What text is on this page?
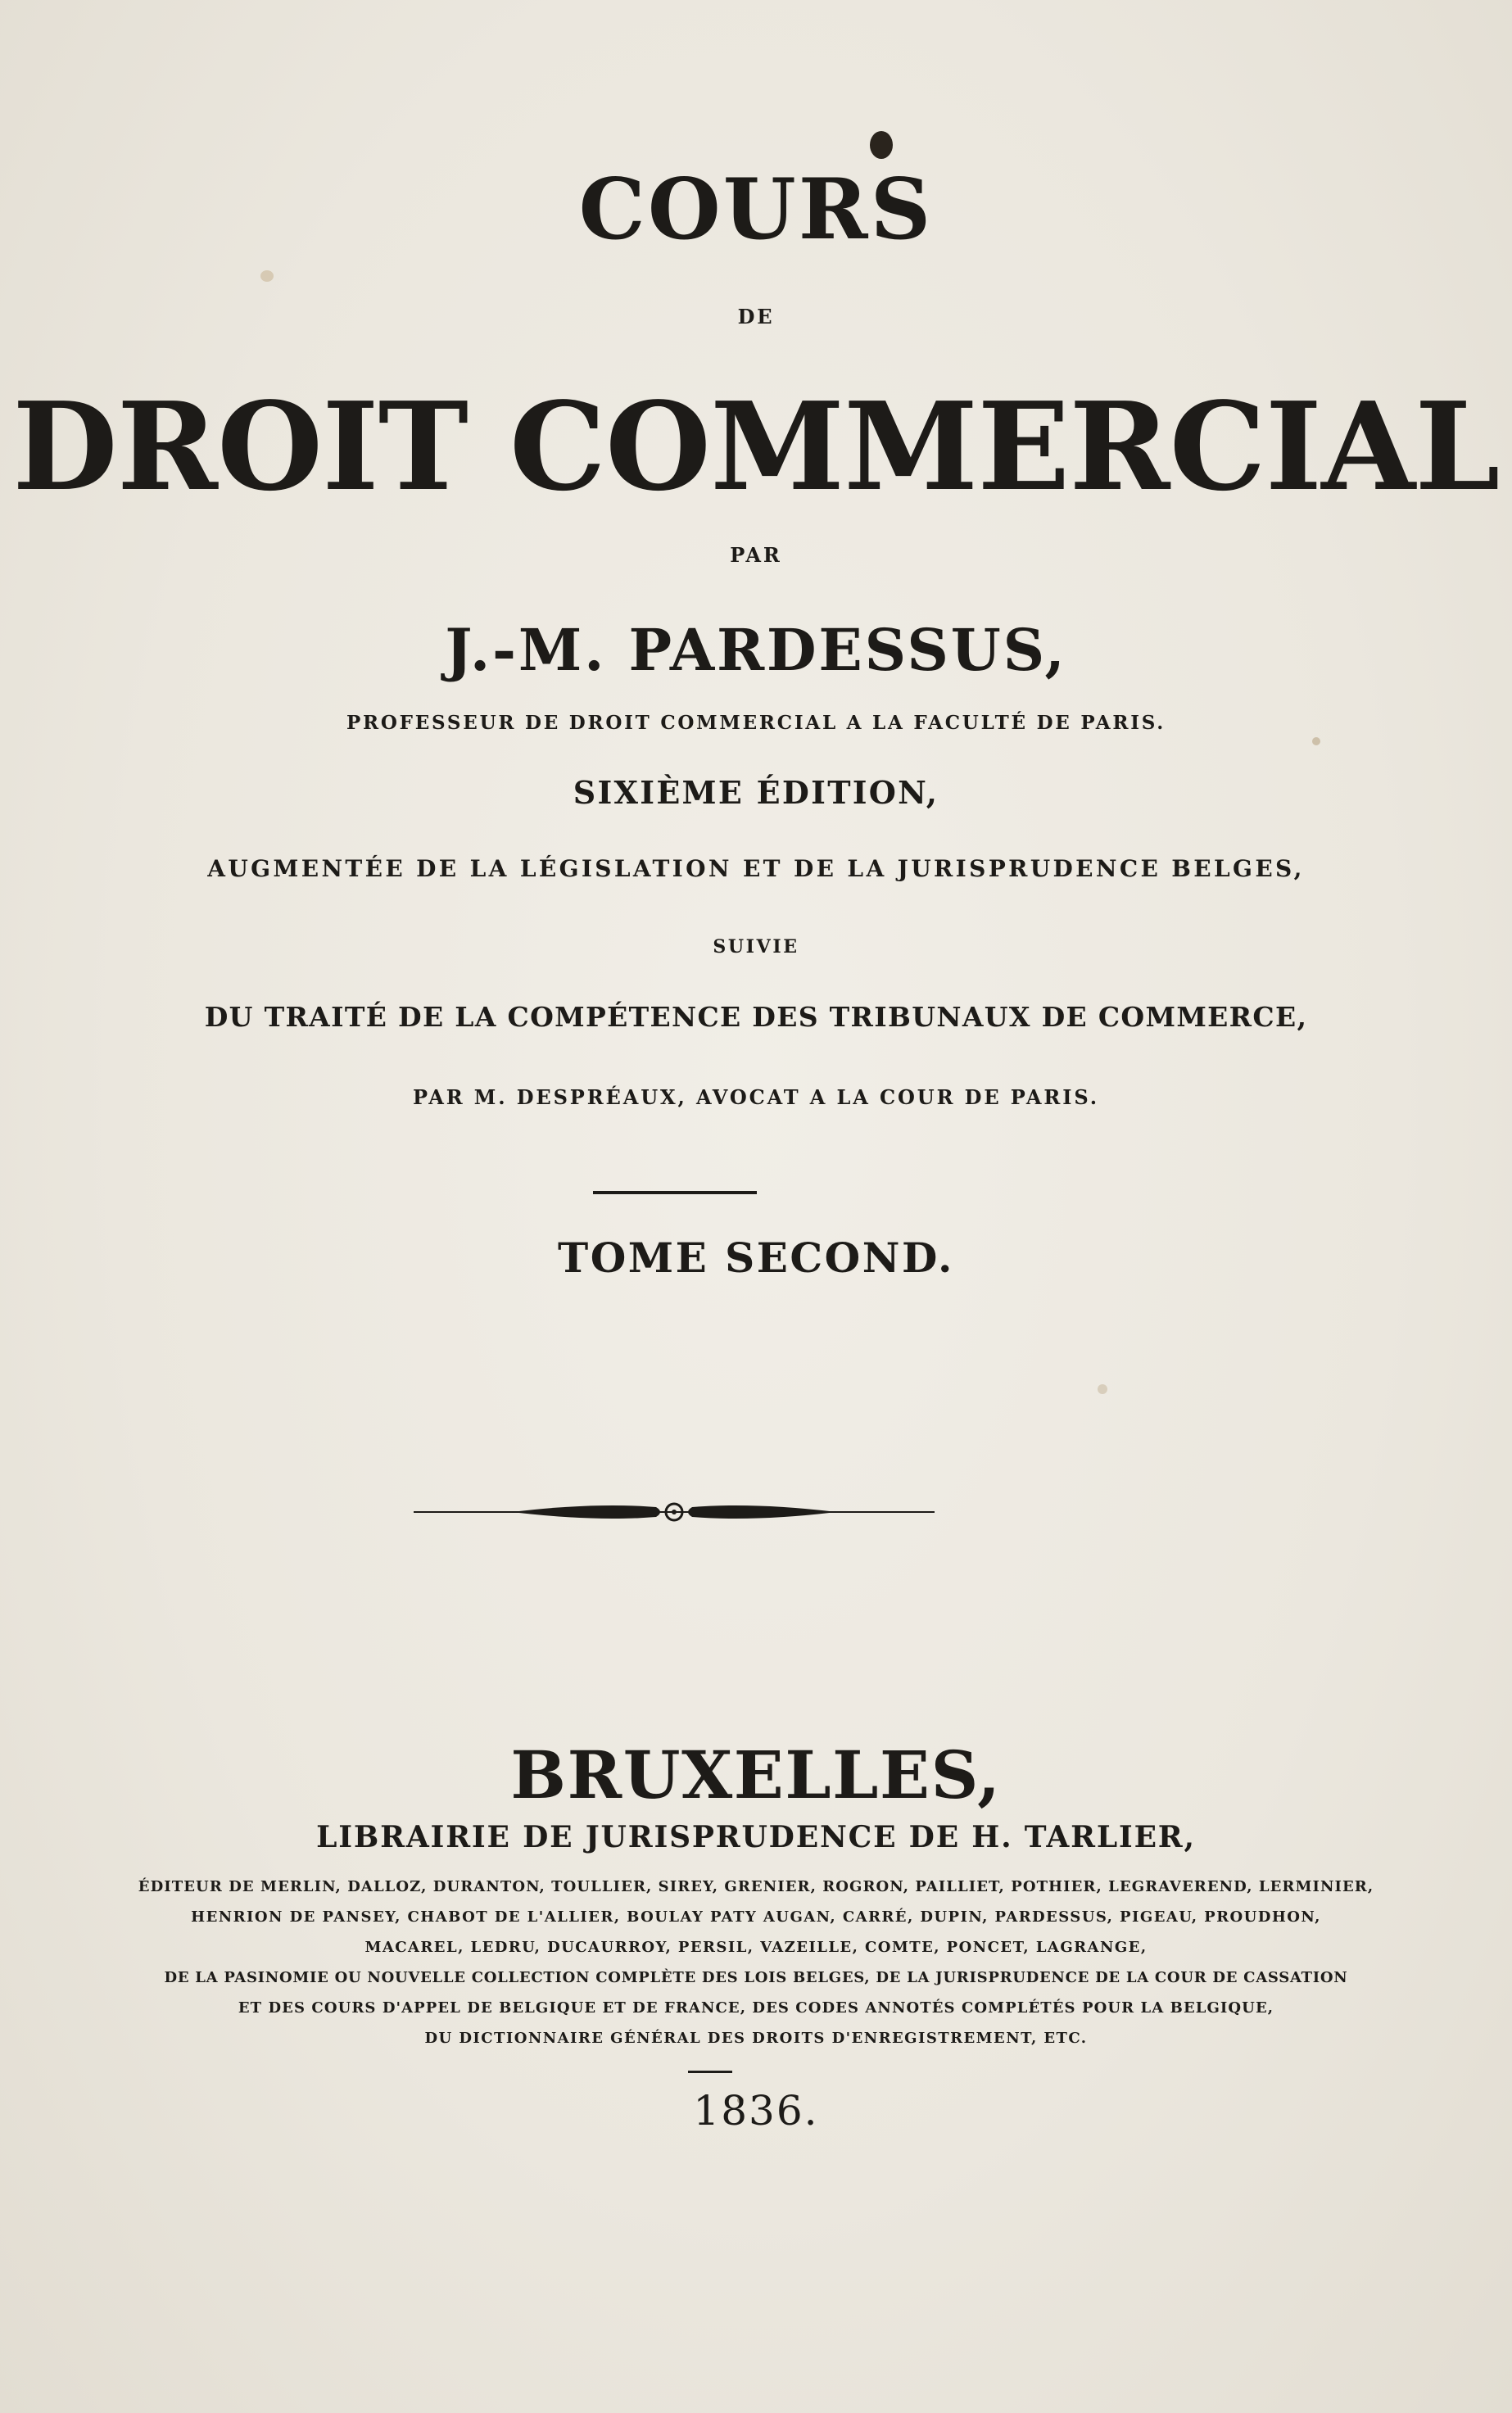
COURS
DE
DROIT COMMERCIAL
PAR
J.-M. PARDESSUS,
PROFESSEUR DE DROIT COMMERCIAL A LA FACULTÉ DE PARIS.
SIXIÈME ÉDITION,
AUGMENTÉE DE LA LÉGISLATION ET DE LA JURISPRUDENCE BELGES,
SUIVIE
DU TRAITÉ DE LA COMPÉTENCE DES TRIBUNAUX DE COMMERCE,
PAR M. DESPRÉAUX, AVOCAT A LA COUR DE PARIS.
TOME SECOND.
BRUXELLES,
LIBRAIRIE DE JURISPRUDENCE DE H. TARLIER,
ÉDITEUR DE MERLIN, DALLOZ, DURANTON, TOULLIER, SIREY, GRENIER, ROGRON, PAILLIET, POTHIER, LEGRAVEREND, LERMINIER,
HENRION DE PANSEY, CHABOT DE L'ALLIER, BOULAY PATY AUGAN, CARRÉ, DUPIN, PARDESSUS, PIGEAU, PROUDHON,
MACAREL, LEDRU, DUCAURROY, PERSIL, VAZEILLE, COMTE, PONCET, LAGRANGE,
DE LA PASINOMIE OU NOUVELLE COLLECTION COMPLÈTE DES LOIS BELGES, DE LA JURISPRUDENCE DE LA COUR DE CASSATION
ET DES COURS D'APPEL DE BELGIQUE ET DE FRANCE, DES CODES ANNOTÉS COMPLÉTÉS POUR LA BELGIQUE,
DU DICTIONNAIRE GÉNÉRAL DES DROITS D'ENREGISTREMENT, ETC.
1836.
